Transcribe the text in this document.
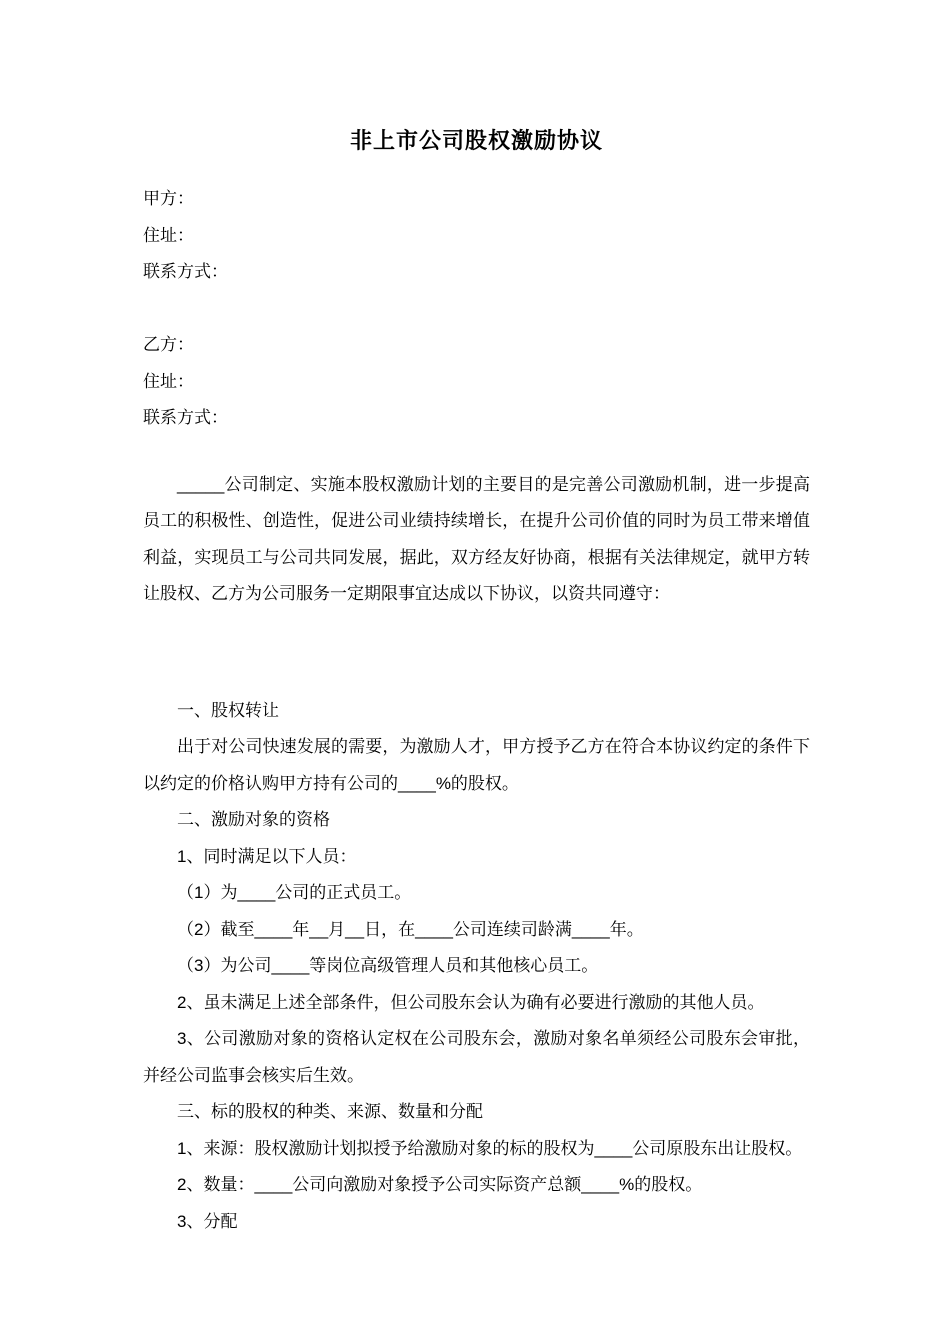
非上市公司股权激励协议

甲方：

住址：

联系方式：

乙方：

住址：

联系方式：

_____公司制定、实施本股权激励计划的主要目的是完善公司激励机制，进一步提高员工的积极性、创造性，促进公司业绩持续增长，在提升公司价值的同时为员工带来增值利益，实现员工与公司共同发展，据此，双方经友好协商，根据有关法律规定，就甲方转让股权、乙方为公司服务一定期限事宜达成以下协议，以资共同遵守：

一、股权转让

出于对公司快速发展的需要，为激励人才，甲方授予乙方在符合本协议约定的条件下以约定的价格认购甲方持有公司的____%的股权。

二、激励对象的资格

1、同时满足以下人员：

（1）为____公司的正式员工。

（2）截至____年__月__日，在____公司连续司龄满____年。

（3）为公司____等岗位高级管理人员和其他核心员工。

2、虽未满足上述全部条件，但公司股东会认为确有必要进行激励的其他人员。

3、公司激励对象的资格认定权在公司股东会，激励对象名单须经公司股东会审批，并经公司监事会核实后生效。

三、标的股权的种类、来源、数量和分配

1、来源：股权激励计划拟授予给激励对象的标的股权为____公司原股东出让股权。

2、数量：____公司向激励对象授予公司实际资产总额____%的股权。

3、分配
